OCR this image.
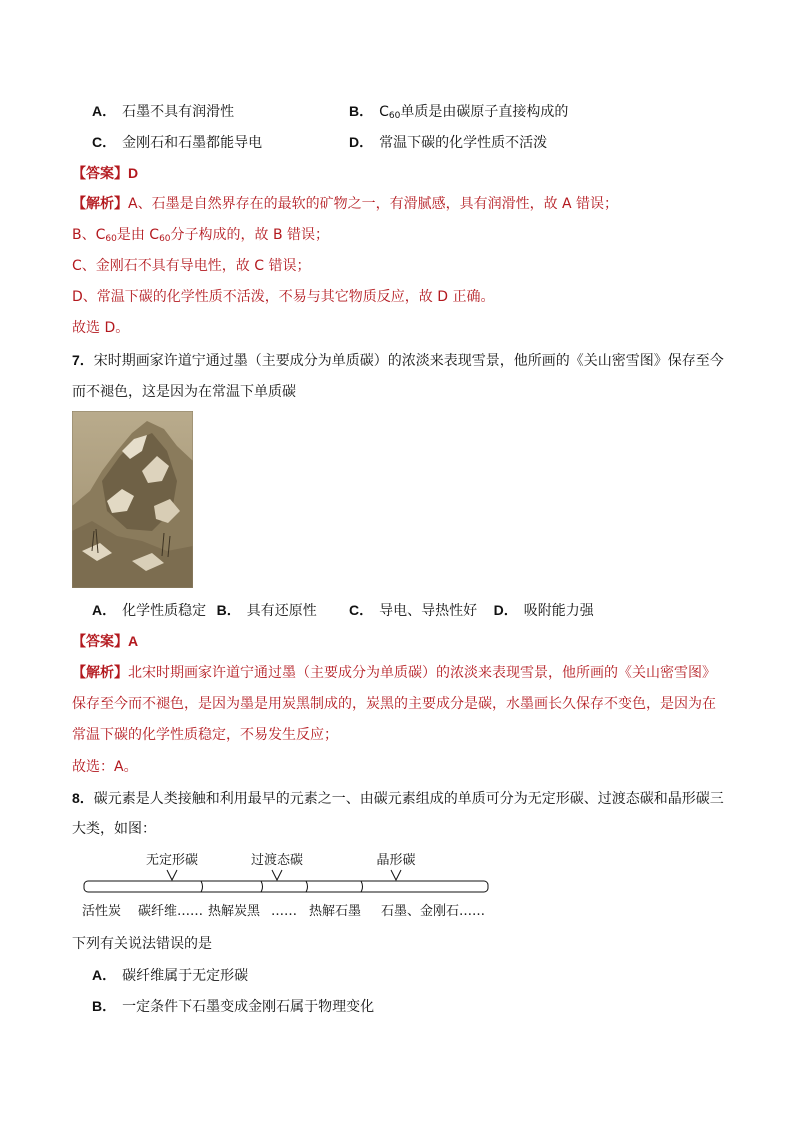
A． 石墨不具有润滑性	B． $C_{60}$单质是由碳原子直接构成的
C． 金刚石和石墨都能导电	D． 常温下碳的化学性质不活泼
【答案】D
【解析】A、石墨是自然界存在的最软的矿物之一，有滑腻感，具有润滑性，故 A 错误；
B、$C_{60}$是由 $C_{60}$分子构成的，故 B 错误；
C、金刚石不具有导电性，故 C 错误；
D、常温下碳的化学性质不活泼，不易与其它物质反应，故 D 正确。
故选 D。
7．宋时期画家许道宁通过墨（主要成分为单质碳）的浓淡来表现雪景，他所画的《关山密雪图》保存至今
而不褪色，这是因为在常温下单质碳
A． 化学性质稳定 B． 具有还原性 C． 导电、导热性好 D． 吸附能力强
【答案】A
【解析】北宋时期画家许道宁通过墨（主要成分为单质碳）的浓淡来表现雪景，他所画的《关山密雪图》
保存至今而不褪色，是因为墨是用炭黑制成的，炭黑的主要成分是碳，水墨画长久保存不变色，是因为在
常温下碳的化学性质稳定，不易发生反应；
故选：A。
8．碳元素是人类接触和利用最早的元素之一、由碳元素组成的单质可分为无定形碳、过渡态碳和晶形碳三
大类，如图：
无定形碳	过渡态碳	晶形碳
活性炭 碳纤维…… 热解炭黑 …… 热解石墨 石墨、金刚石……
下列有关说法错误的是
A． 碳纤维属于无定形碳
B． 一定条件下石墨变成金刚石属于物理变化
